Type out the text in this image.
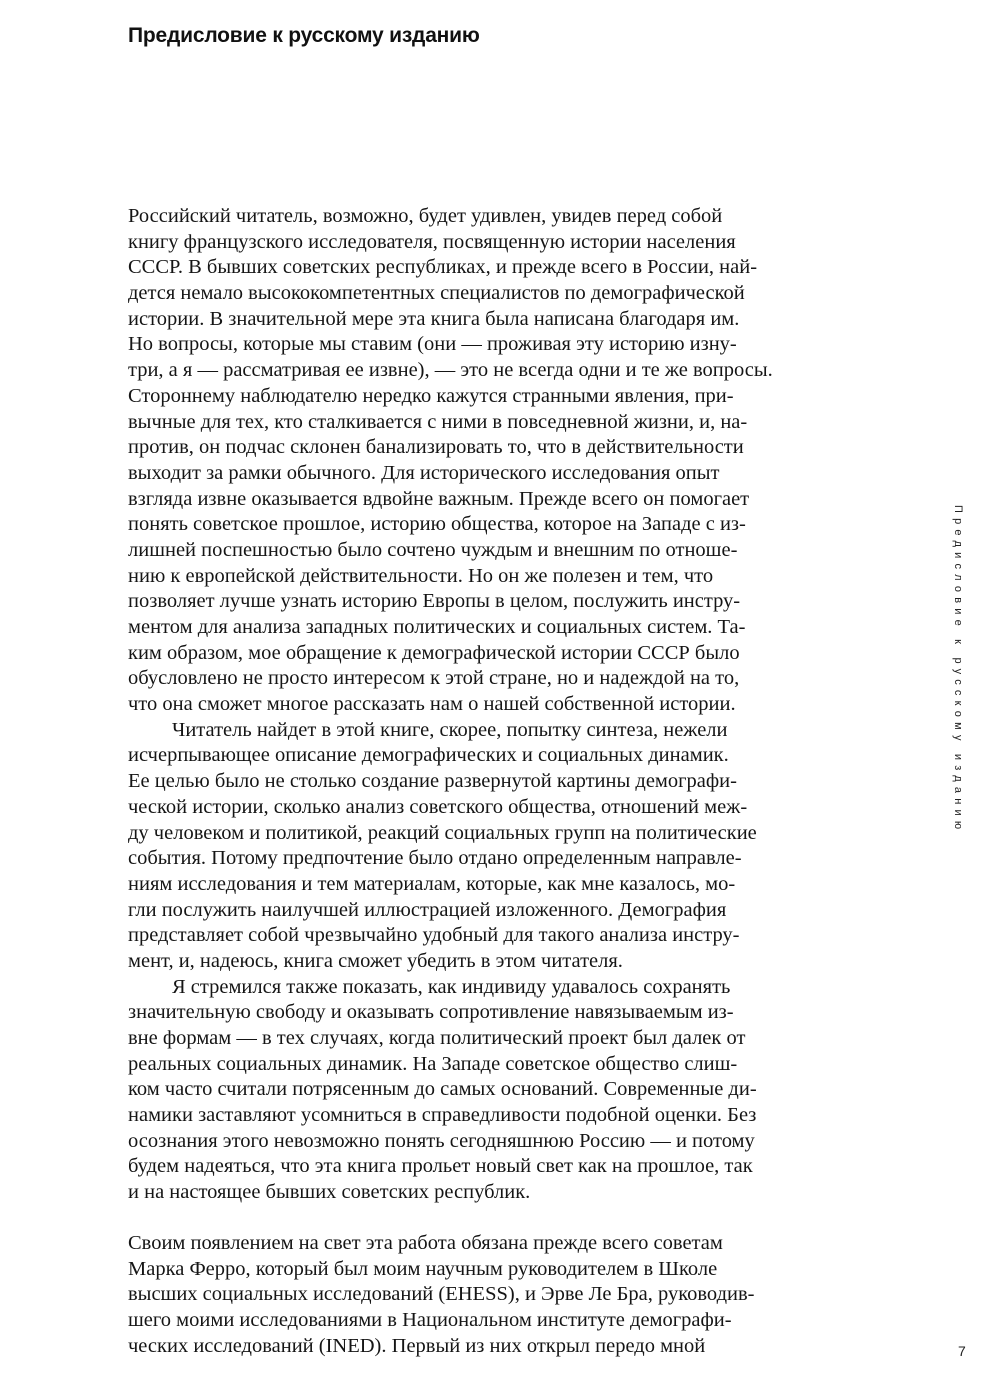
Предисловие к русскому изданию
Российский читатель, возможно, будет удивлен, увидев перед собой
книгу французского исследователя, посвященную истории населения
СССР. В бывших советских республиках, и прежде всего в России, най-
дется немало высококомпетентных специалистов по демографической
истории. В значительной мере эта книга была написана благодаря им.
Но вопросы, которые мы ставим (они — проживая эту историю изну-
три, а я — рассматривая ее извне), — это не всегда одни и те же вопросы.
Стороннему наблюдателю нередко кажутся странными явления, при-
вычные для тех, кто сталкивается с ними в повседневной жизни, и, на-
против, он подчас склонен банализировать то, что в действительности
выходит за рамки обычного. Для исторического исследования опыт
взгляда извне оказывается вдвойне важным. Прежде всего он помогает
понять советское прошлое, историю общества, которое на Западе с из-
лишней поспешностью было сочтено чуждым и внешним по отноше-
нию к европейской действительности. Но он же полезен и тем, что
позволяет лучше узнать историю Европы в целом, послужить инстру-
ментом для анализа западных политических и социальных систем. Та-
ким образом, мое обращение к демографической истории СССР было
обусловлено не просто интересом к этой стране, но и надеждой на то,
что она сможет многое рассказать нам о нашей собственной истории.
Читатель найдет в этой книге, скорее, попытку синтеза, нежели
исчерпывающее описание демографических и социальных динамик.
Ее целью было не столько создание развернутой картины демографи-
ческой истории, сколько анализ советского общества, отношений меж-
ду человеком и политикой, реакций социальных групп на политические
события. Потому предпочтение было отдано определенным направле-
ниям исследования и тем материалам, которые, как мне казалось, мо-
гли послужить наилучшей иллюстрацией изложенного. Демография
представляет собой чрезвычайно удобный для такого анализа инстру-
мент, и, надеюсь, книга сможет убедить в этом читателя.
Я стремился также показать, как индивиду удавалось сохранять
значительную свободу и оказывать сопротивление навязываемым из-
вне формам — в тех случаях, когда политический проект был далек от
реальных социальных динамик. На Западе советское общество слиш-
ком часто считали потрясенным до самых оснований. Современные ди-
намики заставляют усомниться в справедливости подобной оценки. Без
осознания этого невозможно понять сегодняшнюю Россию — и потому
будем надеяться, что эта книга прольет новый свет как на прошлое, так
и на настоящее бывших советских республик.
Своим появлением на свет эта работа обязана прежде всего советам
Марка Ферро, который был моим научным руководителем в Школе
высших социальных исследований (EHESS), и Эрве Ле Бра, руководив-
шего моими исследованиями в Национальном институте демографи-
ческих исследований (INED). Первый из них открыл передо мной
Предисловие к русскому изданию
7
